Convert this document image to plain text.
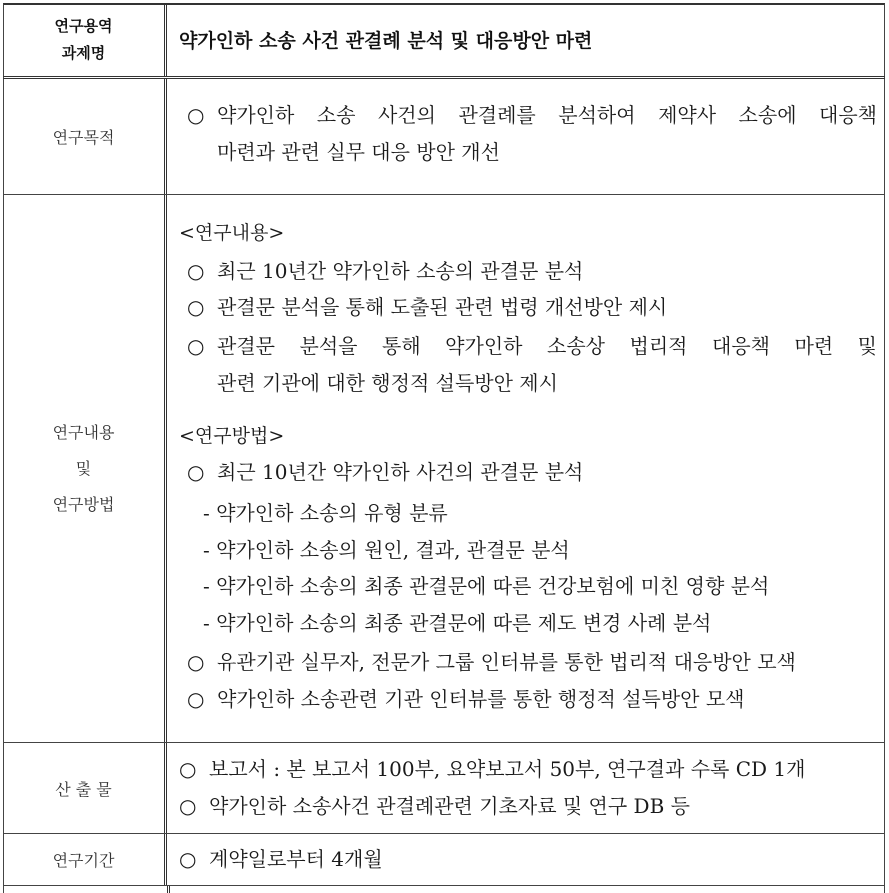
연구용역
과제명
약가인하 소송 사건 관결례 분석 및 대응방안 마련
연구목적
○ 약가인하 소송 사건의 관결례를 분석하여 제약사 소송에 대응책
마련과 관련 실무 대응 방안 개선
연구내용
및
연구방법
<연구내용>
○ 최근 10년간 약가인하 소송의 관결문 분석
○ 관결문 분석을 통해 도출된 관련 법령 개선방안 제시
○ 관결문 분석을 통해 약가인하 소송상 법리적 대응책 마련 및
관련 기관에 대한 행정적 설득방안 제시
<연구방법>
○ 최근 10년간 약가인하 사건의 관결문 분석
- 약가인하 소송의 유형 분류
- 약가인하 소송의 원인, 결과, 관결문 분석
- 약가인하 소송의 최종 관결문에 따른 건강보험에 미친 영향 분석
- 약가인하 소송의 최종 관결문에 따른 제도 변경 사례 분석
○ 유관기관 실무자, 전문가 그룹 인터뷰를 통한 법리적 대응방안 모색
○ 약가인하 소송관련 기관 인터뷰를 통한 행정적 설득방안 모색
산 출 물
○ 보고서 : 본 보고서 100부, 요약보고서 50부, 연구결과 수록 CD 1개
○ 약가인하 소송사건 관결례관련 기초자료 및 연구 DB 등
연구기간	○ 계약일로부터 4개월
